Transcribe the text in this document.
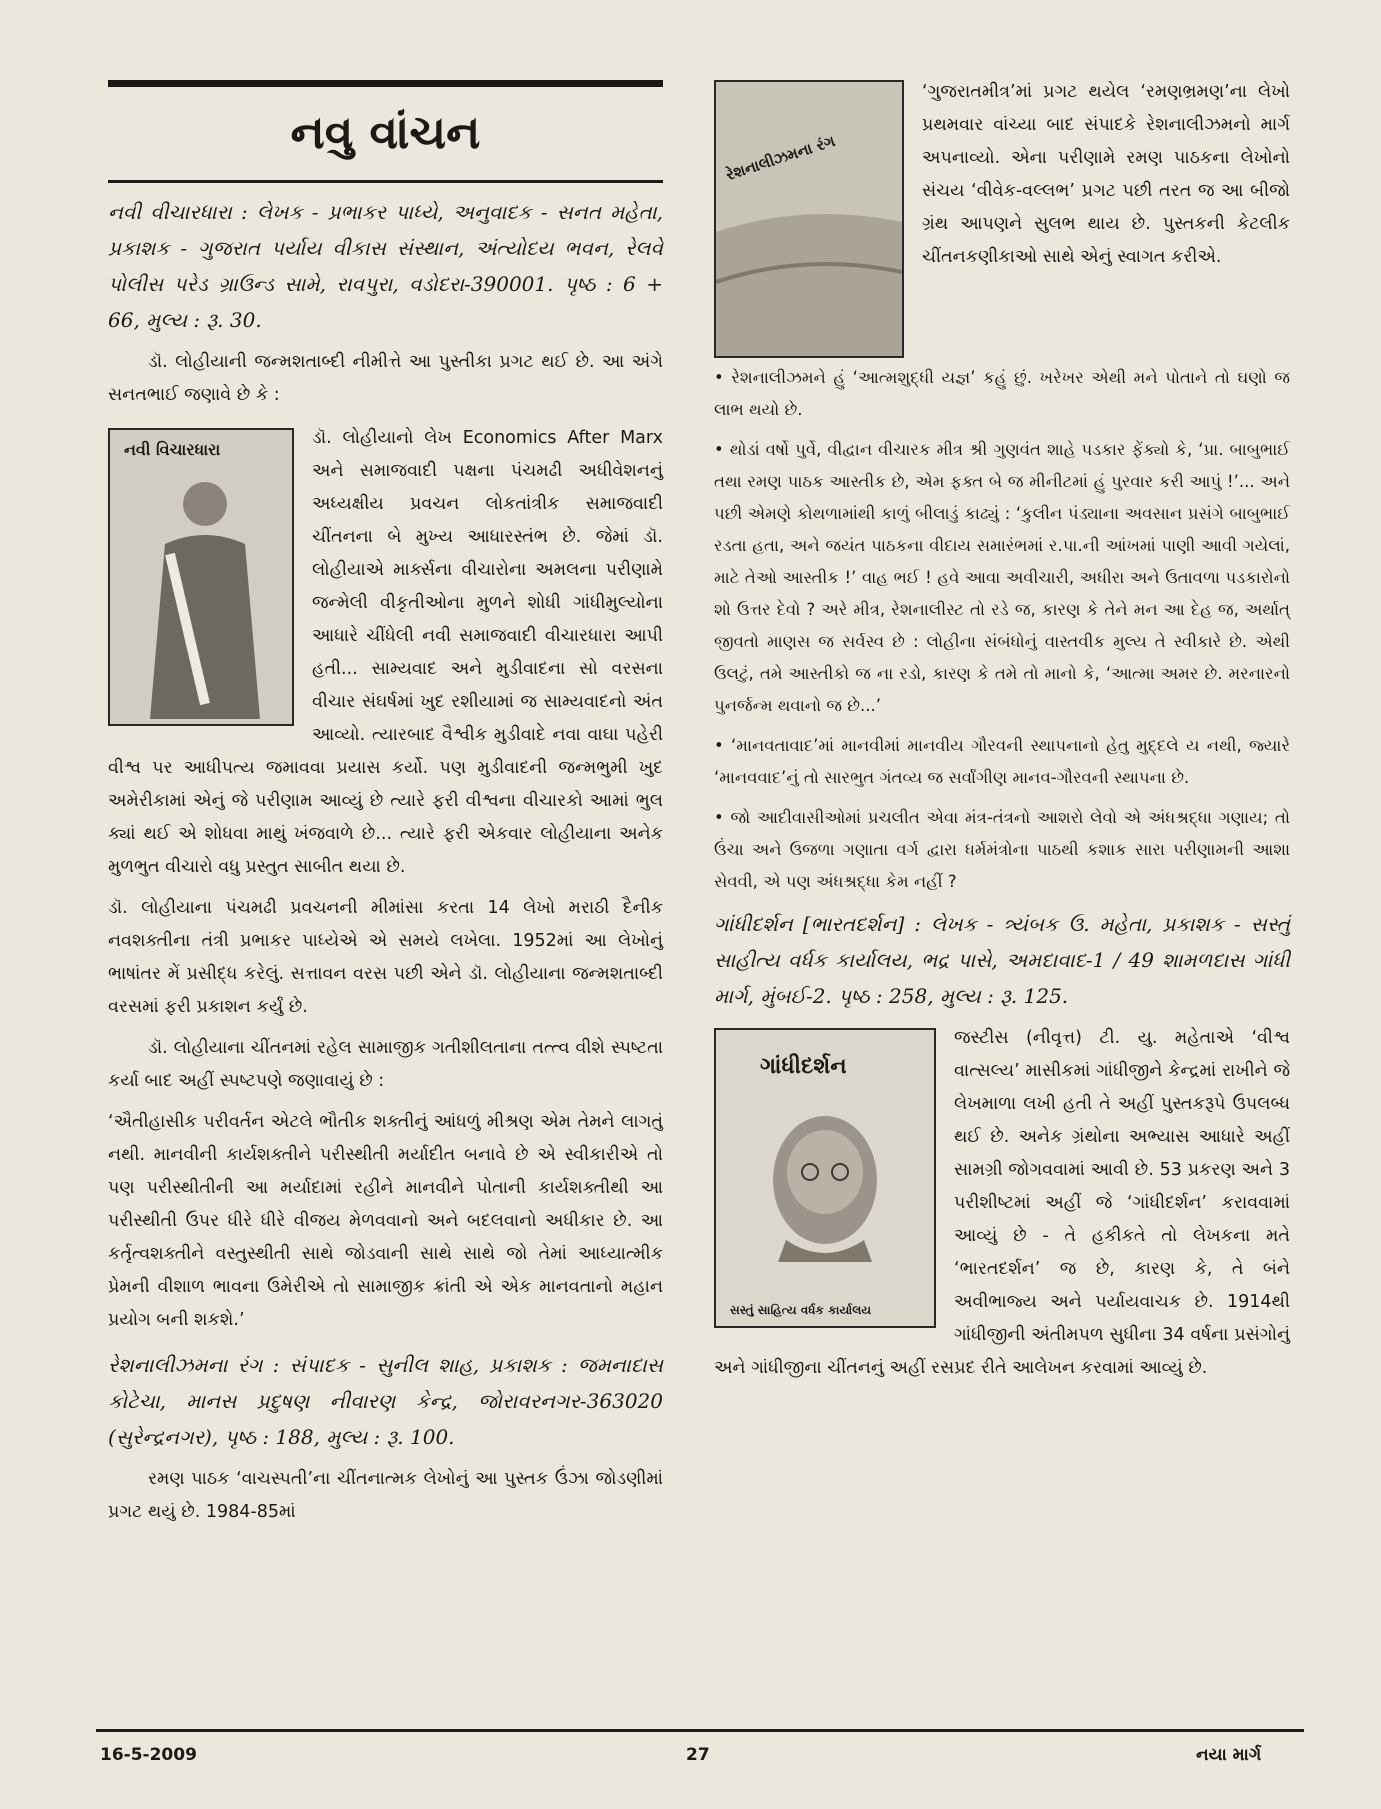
નવુ વાંચન

નવી વીચારધારા : લેખક - પ્રભાકર પાધ્યે, અનુવાદક - સનત મહેતા, પ્રકાશક - ગુજરાત પર્યાય વીકાસ સંસ્થાન, અંત્યોદય ભવન, રેલવે પોલીસ પરેડ ગ્રાઉન્ડ સામે, રાવપુરા, વડોદરા-390001. પૃષ્ઠ : 6 + 66, મુલ્ય : રૂ. 30.

ડૉ. લોહીયાની જન્મશતાબ્દી નીમીત્તે આ પુસ્તીકા પ્રગટ થઈ છે. આ અંગે સનતભાઈ જણાવે છે કે :

નવી વિચારધારા

ડૉ. લોહીયાનો લેખ Economics After Marx અને સમાજવાદી પક્ષના પંચમઢી અધીવેશનનું અધ્યક્ષીય પ્રવચન લોકતાંત્રીક સમાજવાદી ચીંતનના બે મુખ્ય આધારસ્તંભ છે. જેમાં ડૉ. લોહીયાએ માર્ક્સના વીચારોના અમલના પરીણામે જન્મેલી વીકૃતીઓના મુળને શોધી ગાંધીમુલ્યોના આધારે ચીંધેલી નવી સમાજવાદી વીચારધારા આપી હતી... સામ્યવાદ અને મુડીવાદના સો વરસના વીચાર સંઘર્ષમાં ખુદ રશીયામાં જ સામ્યવાદનો અંત આવ્યો. ત્યારબાદ વૈશ્વીક મુડીવાદે નવા વાઘા પહેરી વીશ્વ પર આધીપત્ય જમાવવા પ્રયાસ કર્યો. પણ મુડીવાદની જન્મભુમી ખુદ અમેરીકામાં એનું જે પરીણામ આવ્યું છે ત્યારે ફરી વીશ્વના વીચારકો આમાં ભુલ ક્યાં થઈ એ શોધવા માથું ખંજવાળે છે... ત્યારે ફરી એકવાર લોહીયાના અનેક મુળભુત વીચારો વધુ પ્રસ્તુત સાબીત થયા છે.

ડૉ. લોહીયાના પંચમઢી પ્રવચનની મીમાંસા કરતા 14 લેખો મરાઠી દૈનીક નવશક્તીના તંત્રી પ્રભાકર પાધ્યેએ એ સમયે લખેલા. 1952માં આ લેખોનું ભાષાંતર મેં પ્રસીદ્ધ કરેલું. સત્તાવન વરસ પછી એને ડૉ. લોહીયાના જન્મશતાબ્દી વરસમાં ફરી પ્રકાશન કર્યું છે.

ડૉ. લોહીયાના ચીંતનમાં રહેલ સામાજીક ગતીશીલતાના તત્ત્વ વીશે સ્પષ્ટતા કર્યા બાદ અહીં સ્પષ્ટપણે જણાવાયું છે :

‘ઐતીહાસીક પરીવર્તન એટલે ભૌતીક શક્તીનું આંધળું મીશ્રણ એમ તેમને લાગતું નથી. માનવીની કાર્યશક્તીને પરીસ્થીતી મર્યાદીત બનાવે છે એ સ્વીકારીએ તો પણ પરીસ્થીતીની આ મર્યાદામાં રહીને માનવીને પોતાની કાર્યશક્તીથી આ પરીસ્થીતી ઉપર ધીરે ધીરે વીજય મેળવવાનો અને બદલવાનો અધીકાર છે. આ કર્તૃત્વશક્તીને વસ્તુસ્થીતી સાથે જોડવાની સાથે સાથે જો તેમાં આધ્યાત્મીક પ્રેમની વીશાળ ભાવના ઉમેરીએ તો સામાજીક ક્રાંતી એ એક માનવતાનો મહાન પ્રયોગ બની શકશે.’

રેશનાલીઝમના રંગ : સંપાદક - સુનીલ શાહ, પ્રકાશક : જમનાદાસ કોટેચા, માનસ પ્રદુષણ નીવારણ કેન્દ્ર, જોરાવરનગર-363020 (સુરેન્દ્રનગર), પૃષ્ઠ : 188, મુલ્ય : રૂ. 100.

રમણ પાઠક ‘વાચસ્પતી’ના ચીંતનાત્મક લેખોનું આ પુસ્તક ઉંઝા જોડણીમાં પ્રગટ થયું છે. 1984-85માં

રેશનાલીઝમના રંગ

‘ગુજરાતમીત્ર’માં પ્રગટ થયેલ ‘રમણભ્રમણ’ના લેખો પ્રથમવાર વાંચ્યા બાદ સંપાદકે રેશનાલીઝમનો માર્ગ અપનાવ્યો. એના પરીણામે રમણ પાઠકના લેખોનો સંચય ‘વીવેક-વલ્લભ’ પ્રગટ પછી તરત જ આ બીજો ગ્રંથ આપણને સુલભ થાય છે. પુસ્તકની કેટલીક ચીંતનકણીકાઓ સાથે એનું સ્વાગત કરીએ.

• રેશનાલીઝમને હું ‘આત્મશુદ્ધી યજ્ઞ’ કહું છું. ખરેખર એથી મને પોતાને તો ઘણો જ લાભ થયો છે.

• થોડાં વર્ષો પુર્વે, વીદ્વાન વીચારક મીત્ર શ્રી ગુણવંત શાહે પડકાર ફેંક્યો કે, ‘પ્રા. બાબુભાઈ તથા રમણ પાઠક આસ્તીક છે, એમ ફક્ત બે જ મીનીટમાં હું પુરવાર કરી આપું !’... અને પછી એમણે કોથળામાંથી કાળું બીલાડું કાઢ્યું : ‘કુલીન પંડ્યાના અવસાન પ્રસંગે બાબુભાઈ રડતા હતા, અને જયંત પાઠકના વીદાય સમારંભમાં ર.પા.ની આંખમાં પાણી આવી ગયેલાં, માટે તેઓ આસ્તીક !’ વાહ ભઈ ! હવે આવા અવીચારી, અધીરા અને ઉતાવળા પડકારોનો શો ઉત્તર દેવો ? અરે મીત્ર, રેશનાલીસ્ટ તો રડે જ, કારણ કે તેને મન આ દેહ જ, અર્થાત્ જીવતો માણસ જ સર્વસ્વ છે : લોહીના સંબંધોનું વાસ્તવીક મુલ્ય તે સ્વીકારે છે. એથી ઉલટું, તમે આસ્તીકો જ ના રડો, કારણ કે તમે તો માનો કે, ‘આત્મા અમર છે. મરનારનો પુનર્જન્મ થવાનો જ છે...’

• ‘માનવતાવાદ’માં માનવીમાં માનવીય ગૌરવની સ્થાપનાનો હેતુ મુદ્દલે ય નથી, જ્યારે ‘માનવવાદ’નું તો સારભુત ગંતવ્ય જ સર્વાંગીણ માનવ-ગૌરવની સ્થાપના છે.

• જો આદીવાસીઓમાં પ્રચલીત એવા મંત્ર-તંત્રનો આશરો લેવો એ અંધશ્રદ્ધા ગણાય; તો ઉંચા અને ઉજળા ગણાતા વર્ગ દ્વારા ધર્મમંત્રોના પાઠથી કશાક સારા પરીણામની આશા સેવવી, એ પણ અંધશ્રદ્ધા કેમ નહીં ?

ગાંધીદર્શન [ભારતદર્શન] : લેખક - ત્ર્યંબક ઉ. મહેતા, પ્રકાશક - સસ્તું સાહીત્ય વર્ધક કાર્યાલય, ભદ્ર પાસે, અમદાવાદ-1 / 49 શામળદાસ ગાંધી માર્ગ, મુંબઈ-2. પૃષ્ઠ : 258, મુલ્ય : રૂ. 125.

ગાંધીદર્શન
સસ્તું સાહિત્ય વર્ધક કાર્યાલય

જસ્ટીસ (નીવૃત્ત) ટી. યુ. મહેતાએ ‘વીશ્વ વાત્સલ્ય’ માસીકમાં ગાંધીજીને કેન્દ્રમાં રાખીને જે લેખમાળા લખી હતી તે અહીં પુસ્તકરૂપે ઉપલબ્ધ થઈ છે. અનેક ગ્રંથોના અભ્યાસ આધારે અહીં સામગ્રી જોગવવામાં આવી છે. 53 પ્રકરણ અને 3 પરીશીષ્ટમાં અહીં જે ‘ગાંધીદર્શન’ કરાવવામાં આવ્યું છે - તે હકીકતે તો લેખકના મતે ‘ભારતદર્શન’ જ છે, કારણ કે, તે બંને અવીભાજ્ય અને પર્યાયવાચક છે. 1914થી ગાંધીજીની અંતીમપળ સુધીના 34 વર્ષના પ્રસંગોનું અને ગાંધીજીના ચીંતનનું અહીં રસપ્રદ રીતે આલેખન કરવામાં આવ્યું છે.

16-5-2009	27	નયા માર્ગ
